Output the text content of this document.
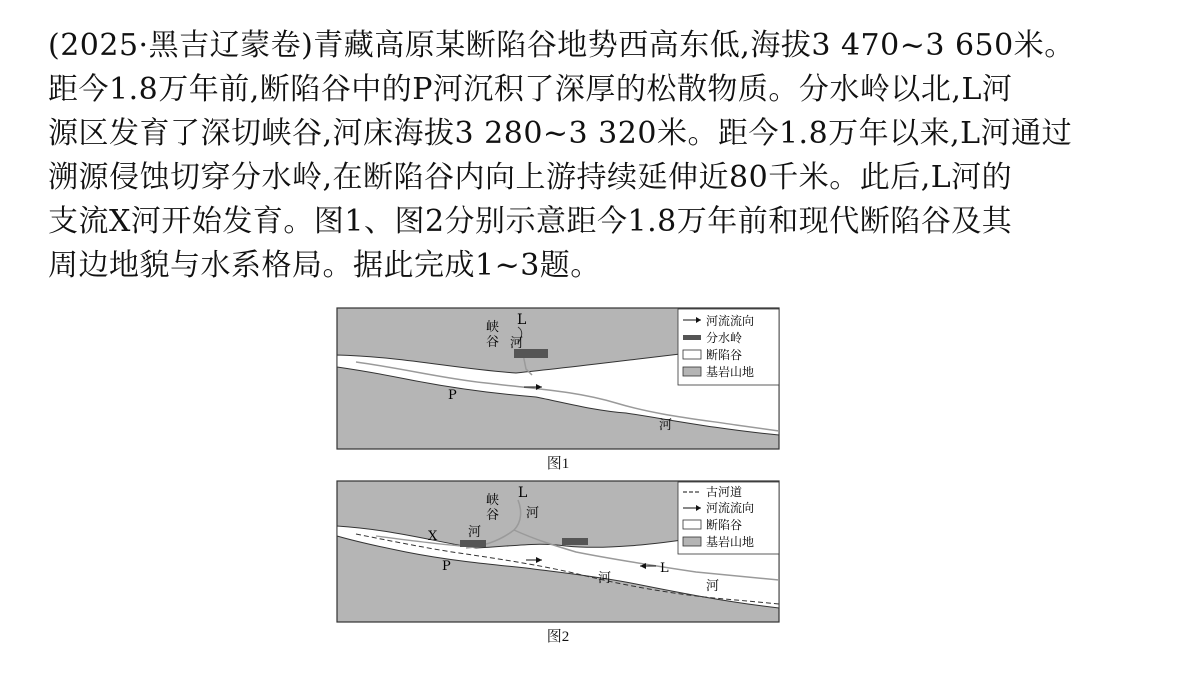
(2025·黑吉辽蒙卷)青藏高原某断陷谷地势西高东低,海拔3 470~3 650米。
距今1.8万年前,断陷谷中的P河沉积了深厚的松散物质。分水岭以北,L河
源区发育了深切峡谷,河床海拔3 280~3 320米。距今1.8万年以来,L河通过
溯源侵蚀切穿分水岭,在断陷谷内向上游持续延伸近80千米。此后,L河的
支流X河开始发育。图1、图2分别示意距今1.8万年前和现代断陷谷及其
周边地貌与水系格局。据此完成1~3题。
峡
谷
L
河
P
河
河流流向
分水岭
断陷谷
基岩山地
图1
峡
谷
L
河
X 河
P
河
L
河
古河道
河流流向
断陷谷
基岩山地
图2
